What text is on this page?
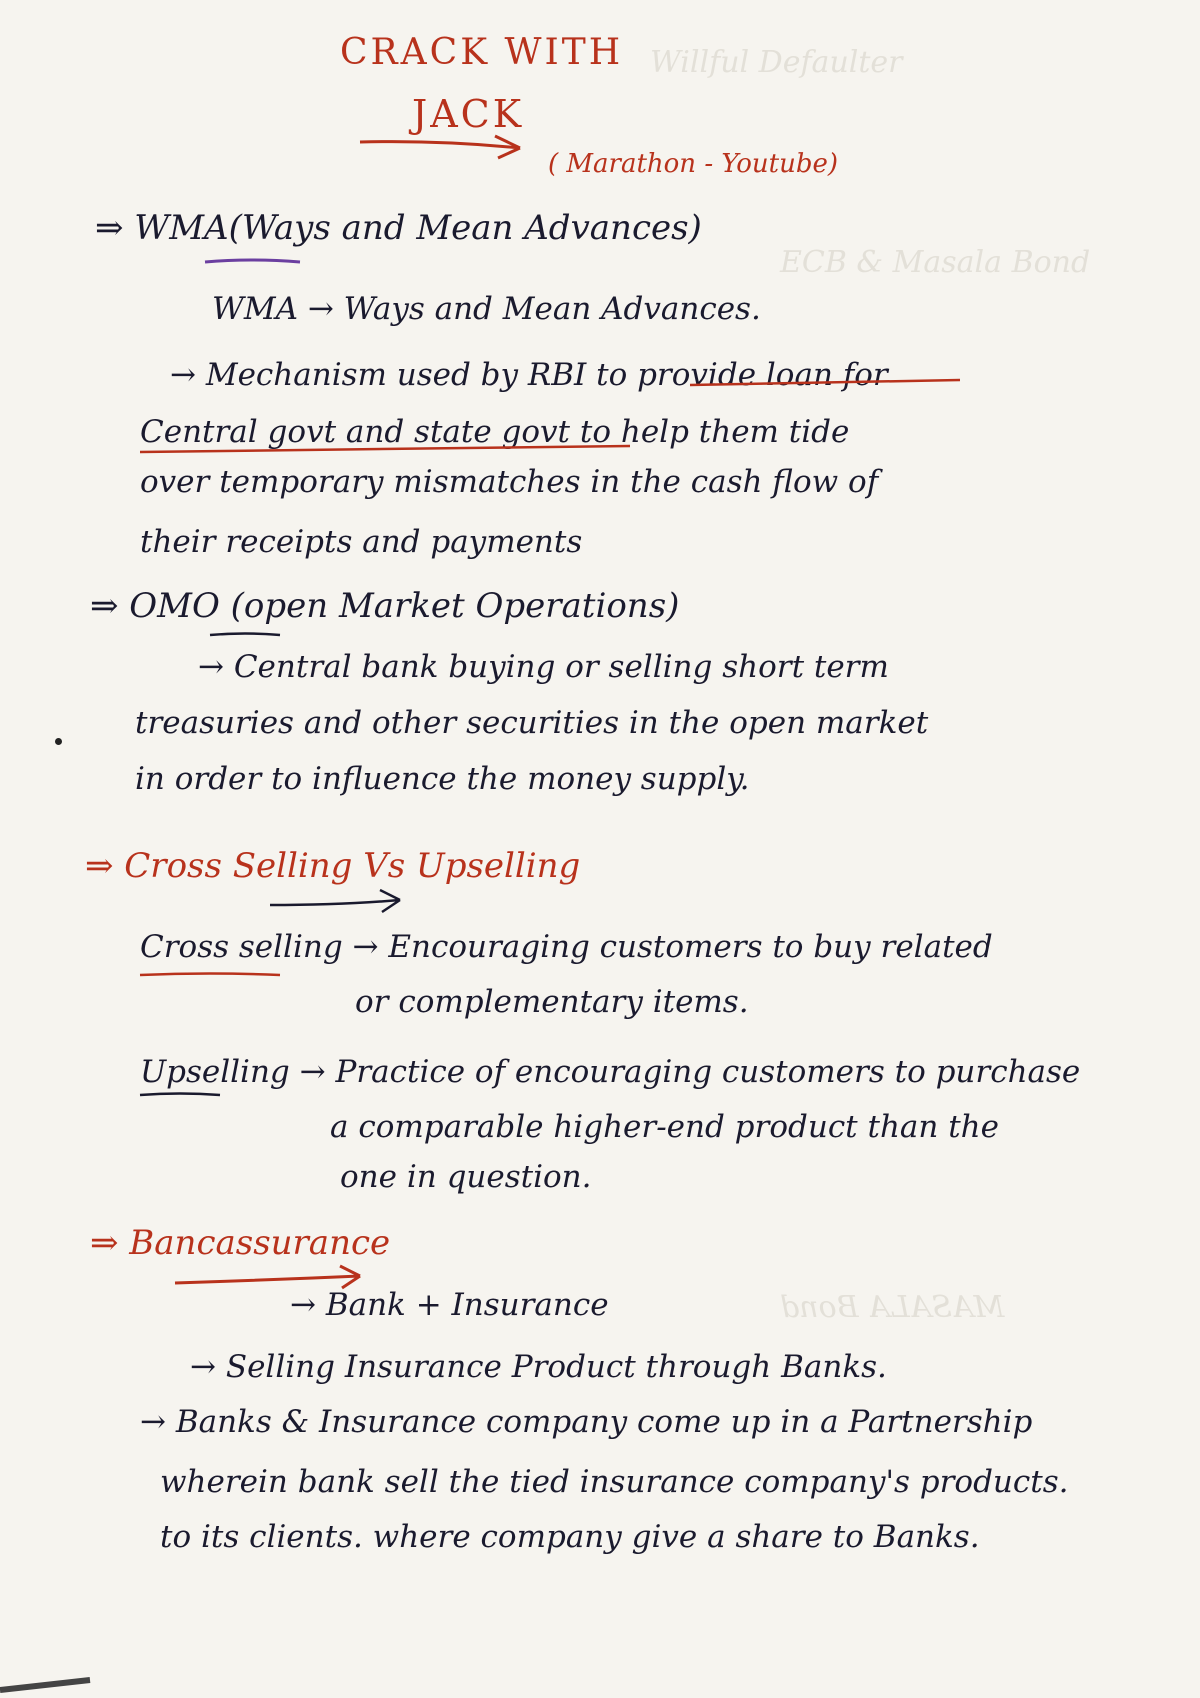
Willful Defaulter
ECB & Masala Bond
MASALA Bond
CRACK WITH
JACK
( Marathon - Youtube)
⇒ WMA(Ways and Mean Advances)
WMA → Ways and Mean Advances.
→ Mechanism used by RBI to provide loan for
Central govt and state govt to help them tide
over temporary mismatches in the cash flow of
their receipts and payments
⇒ OMO (open Market Operations)
→ Central bank buying or selling short term
treasuries and other securities in the open market
in order to influence the money supply.
⇒ Cross Selling Vs Upselling
Cross selling → Encouraging customers to buy related
or complementary items.
Upselling → Practice of encouraging customers to purchase
a comparable higher-end product than the
one in question.
⇒ Bancassurance
→ Bank + Insurance
→ Selling Insurance Product through Banks.
→ Banks & Insurance company come up in a Partnership
wherein bank sell the tied insurance company's products.
to its clients. where company give a share to Banks.
